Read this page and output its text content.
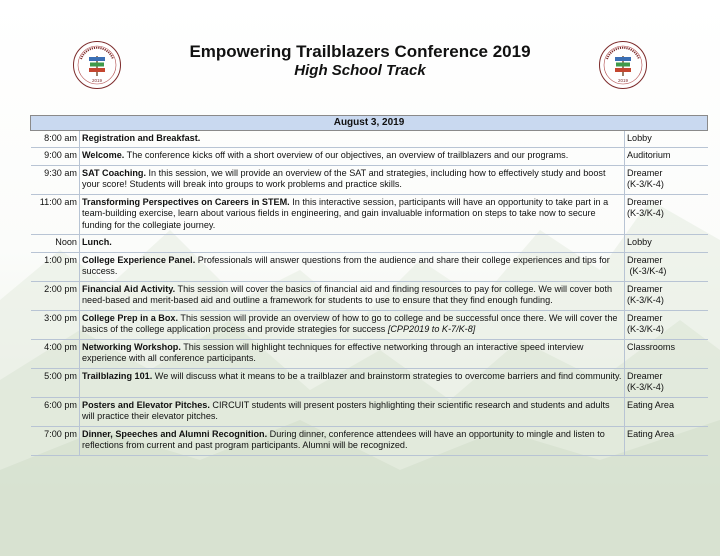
2019
Empowering Trailblazers Conference 2019
High School Track
2019
August 3, 2019		
8:00 am	Registration and Breakfast.	Lobby
9:00 am	Welcome. The conference kicks off with a short overview of our objectives, an overview of trailblazers and our programs.	Auditorium
9:30 am	SAT Coaching. In this session, we will provide an overview of the SAT and strategies, including how to effectively study and boost your score! Students will break into groups to work problems and practice skills.	Dreamer
(K-3/K-4)
11:00 am	Transforming Perspectives on Careers in STEM. In this interactive session, participants will have an opportunity to take part in a team-building exercise, learn about various fields in engineering, and gain invaluable information on steps to take now to secure funding for the collegiate journey.	Dreamer
(K-3/K-4)
Noon	Lunch.	Lobby
1:00 pm	College Experience Panel. Professionals will answer questions from the audience and share their college experiences and tips for success.	Dreamer
(K-3/K-4)
2:00 pm	Financial Aid Activity. This session will cover the basics of financial aid and finding resources to pay for college. We will cover both need-based and merit-based aid and outline a framework for students to use to ensure that they find enough funding.	Dreamer
(K-3/K-4)
3:00 pm	College Prep in a Box. This session will provide an overview of how to go to college and be successful once there. We will cover the basics of the college application process and provide strategies for success [CPP2019 to K-7/K-8]	Dreamer
(K-3/K-4)
4:00 pm	Networking Workshop. This session will highlight techniques for effective networking through an interactive speed interview experience with all conference participants.	Classrooms
5:00 pm	Trailblazing 101. We will discuss what it means to be a trailblazer and brainstorm strategies to overcome barriers and find community.	Dreamer
(K-3/K-4)
6:00 pm	Posters and Elevator Pitches. CIRCUIT students will present posters highlighting their scientific research and students and adults will practice their elevator pitches.	Eating Area
7:00 pm	Dinner, Speeches and Alumni Recognition. During dinner, conference attendees will have an opportunity to mingle and listen to reflections from current and past program participants. Alumni will be recognized.	Eating Area
